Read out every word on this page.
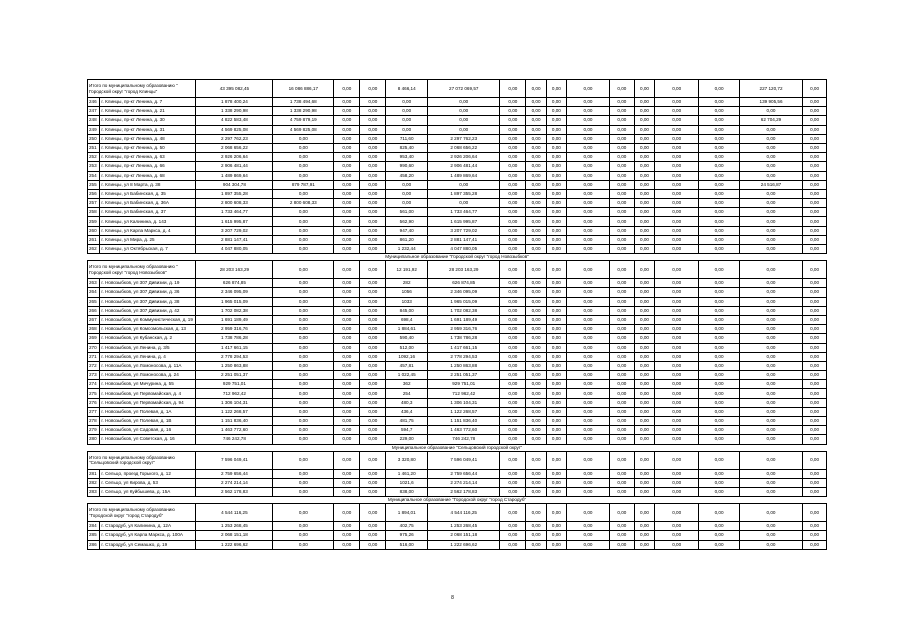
Итого по муниципальному образованию " Городской округ "город Клинцы"		43 395 082,45	16 086 886,17	0,00	0,00	8 466,14	27 072 069,57	0,00	0,00	0,00	0,00	0,00	0,00	0,00	0,00	227 120,72	0,00
246	г. Клинцы, пр-кт Ленина, д. 7	1 878 400,24	1 738 494,68	0,00	0,00	0,00	0,00	0,00	0,00	0,00	0,00	0,00	0,00	0,00	0,00	139 905,56	0,00
247	г. Клинцы, пр-кт Ленина, д. 21	1 338 290,98	1 338 290,98	0,00	0,00	0,00	0,00	0,00	0,00	0,00	0,00	0,00	0,00	0,00	0,00	0,00	0,00
248	г. Клинцы, пр-кт Ленина, д. 30	4 822 583,48	4 759 879,19	0,00	0,00	0,00	0,00	0,00	0,00	0,00	0,00	0,00	0,00	0,00	0,00	62 704,29	0,00
249	г. Клинцы, пр-кт Ленина, д. 31	4 569 825,08	4 569 825,08	0,00	0,00	0,00	0,00	0,00	0,00	0,00	0,00	0,00	0,00	0,00	0,00	0,00	0,00
250	г. Клинцы, пр-кт Ленина, д. 48	2 297 762,23	0,00	0,00	0,00	711,60	2 297 762,23	0,00	0,00	0,00	0,00	0,00	0,00	0,00	0,00	0,00	0,00
251	г. Клинцы, пр-кт Ленина, д. 50	2 068 656,22	0,00	0,00	0,00	825,40	2 068 656,22	0,00	0,00	0,00	0,00	0,00	0,00	0,00	0,00	0,00	0,00
252	г. Клинцы, пр-кт Ленина, д. 63	2 926 206,64	0,00	0,00	0,00	953,40	2 926 206,64	0,00	0,00	0,00	0,00	0,00	0,00	0,00	0,00	0,00	0,00
253	г. Клинцы, пр-кт Ленина, д. 66	2 906 481,44	0,00	0,00	0,00	990,60	2 906 481,44	0,00	0,00	0,00	0,00	0,00	0,00	0,00	0,00	0,00	0,00
254	г. Клинцы, пр-кт Ленина, д. 68	1 489 869,64	0,00	0,00	0,00	458,20	1 489 869,64	0,00	0,00	0,00	0,00	0,00	0,00	0,00	0,00	0,00	0,00
255	г. Клинцы, ул 8 Марта, д. 38	904 304,78	879 787,91	0,00	0,00	0,00	0,00	0,00	0,00	0,00	0,00	0,00	0,00	0,00	0,00	24 516,87	0,00
256	г. Клинцы, ул Бабинская, д. 35	1 897 355,28	0,00	0,00	0,00	0,00	1 897 355,28	0,00	0,00	0,00	0,00	0,00	0,00	0,00	0,00	0,00	0,00
257	г. Клинцы, ул Бабинская, д. 36А	2 800 608,33	2 800 608,33	0,00	0,00	0,00	0,00	0,00	0,00	0,00	0,00	0,00	0,00	0,00	0,00	0,00	0,00
258	г. Клинцы, ул Бабинская, д. 37	1 733 464,77	0,00	0,00	0,00	561,00	1 733 464,77	0,00	0,00	0,00	0,00	0,00	0,00	0,00	0,00	0,00	0,00
259	г. Клинцы, ул Калинина, д. 143	1 615 995,87	0,00	0,00	0,00	562,90	1 615 995,87	0,00	0,00	0,00	0,00	0,00	0,00	0,00	0,00	0,00	0,00
260	г. Клинцы, ул Карла Маркса, д. 4	3 207 729,02	0,00	0,00	0,00	947,40	3 207 729,02	0,00	0,00	0,00	0,00	0,00	0,00	0,00	0,00	0,00	0,00
261	г. Клинцы, ул Мира, д. 25	2 881 147,41	0,00	0,00	0,00	861,20	2 881 147,41	0,00	0,00	0,00	0,00	0,00	0,00	0,00	0,00	0,00	0,00
262	г. Клинцы, ул Октябрьская, д. 7	4 047 880,05	0,00	0,00	0,00	1 232,44	4 047 880,05	0,00	0,00	0,00	0,00	0,00	0,00	0,00	0,00	0,00	0,00
Муниципальное образование "Городской округ "город Новозыбков"																	
Итого по муниципальному образованию " Городской округ "город Новозыбков"		28 203 163,29	0,00	0,00	0,00	12 191,92	28 203 163,29	0,00	0,00	0,00	0,00	0,00	0,00	0,00	0,00	0,00	0,00
263	г. Новозыбков, ул 307 Дивизии, д. 19	626 874,85	0,00	0,00	0,00	282	626 874,85	0,00	0,00	0,00	0,00	0,00	0,00	0,00	0,00	0,00	0,00
264	г. Новозыбков, ул 307 Дивизии, д. 36	2 346 095,09	0,00	0,00	0,00	1056	2 346 095,09	0,00	0,00	0,00	0,00	0,00	0,00	0,00	0,00	0,00	0,00
265	г. Новозыбков, ул 307 Дивизии, д. 38	1 965 015,09	0,00	0,00	0,00	1033	1 965 015,09	0,00	0,00	0,00	0,00	0,00	0,00	0,00	0,00	0,00	0,00
266	г. Новозыбков, ул 307 Дивизии, д. 42	1 702 082,38	0,00	0,00	0,00	845,00	1 702 082,38	0,00	0,00	0,00	0,00	0,00	0,00	0,00	0,00	0,00	0,00
267	г. Новозыбков, ул Коммунистическая, д. 19	1 691 189,49	0,00	0,00	0,00	698,4	1 691 189,49	0,00	0,00	0,00	0,00	0,00	0,00	0,00	0,00	0,00	0,00
268	г. Новозыбков, ул Комсомольская, д. 13	2 959 316,76	0,00	0,00	0,00	1 884,61	2 959 316,76	0,00	0,00	0,00	0,00	0,00	0,00	0,00	0,00	0,00	0,00
269	г. Новозыбков, ул Кубанская, д. 2	1 738 786,28	0,00	0,00	0,00	590,40	1 738 786,28	0,00	0,00	0,00	0,00	0,00	0,00	0,00	0,00	0,00	0,00
270	г. Новозыбков, ул Ленина, д. 3/5	1 417 661,15	0,00	0,00	0,00	512,00	1 417 661,15	0,00	0,00	0,00	0,00	0,00	0,00	0,00	0,00	0,00	0,00
271	г. Новозыбков, ул Ленина, д. 4	2 778 294,53	0,00	0,00	0,00	1092,16	2 778 294,53	0,00	0,00	0,00	0,00	0,00	0,00	0,00	0,00	0,00	0,00
272	г. Новозыбков, ул Ломоносова, д. 11А	1 250 863,88	0,00	0,00	0,00	457,81	1 250 863,88	0,00	0,00	0,00	0,00	0,00	0,00	0,00	0,00	0,00	0,00
273	г. Новозыбков, ул Ломоносова, д. 24	2 251 051,37	0,00	0,00	0,00	1 022,45	2 251 051,37	0,00	0,00	0,00	0,00	0,00	0,00	0,00	0,00	0,00	0,00
274	г. Новозыбков, ул Мичурина, д. 55	929 751,01	0,00	0,00	0,00	362	929 751,01	0,00	0,00	0,00	0,00	0,00	0,00	0,00	0,00	0,00	0,00
275	г. Новозыбков, ул Первомайская, д. 4	712 962,42	0,00	0,00	0,00	254	712 962,42	0,00	0,00	0,00	0,00	0,00	0,00	0,00	0,00	0,00	0,00
276	г. Новозыбков, ул Первомайская, д. 94	1 306 104,31	0,00	0,00	0,00	480,3	1 306 104,31	0,00	0,00	0,00	0,00	0,00	0,00	0,00	0,00	0,00	0,00
277	г. Новозыбков, ул Полевая, д. 1А	1 122 268,57	0,00	0,00	0,00	436,4	1 122 268,57	0,00	0,00	0,00	0,00	0,00	0,00	0,00	0,00	0,00	0,00
278	г. Новозыбков, ул Полевая, д. 1В	1 151 836,40	0,00	0,00	0,00	481,75	1 151 836,40	0,00	0,00	0,00	0,00	0,00	0,00	0,00	0,00	0,00	0,00
279	г. Новозыбков, ул Садовая, д. 16	1 463 772,60	0,00	0,00	0,00	594,7	1 463 772,60	0,00	0,00	0,00	0,00	0,00	0,00	0,00	0,00	0,00	0,00
280	г. Новозыбков, ул Советская, д. 16	746 242,78	0,00	0,00	0,00	229,00	746 242,78	0,00	0,00	0,00	0,00	0,00	0,00	0,00	0,00	0,00	0,00
Муниципальное образование "Сельцовский городской округ"																	
Итого по муниципальному образованию "Сельцовский городской округ"		7 596 049,41	0,00	0,00	0,00	3 320,80	7 596 049,41	0,00	0,00	0,00	0,00	0,00	0,00	0,00	0,00	0,00	0,00
281	г. Сельцо, проезд Горького, д. 12	2 759 656,44	0,00	0,00	0,00	1 461,20	2 759 656,44	0,00	0,00	0,00	0,00	0,00	0,00	0,00	0,00	0,00	0,00
282	г. Сельцо, ул Кирова, д. 53	2 274 214,14	0,00	0,00	0,00	1021,6	2 274 214,14	0,00	0,00	0,00	0,00	0,00	0,00	0,00	0,00	0,00	0,00
283	г. Сельцо, ул Куйбышева, д. 15А	2 562 178,83	0,00	0,00	0,00	838,00	2 562 178,83	0,00	0,00	0,00	0,00	0,00	0,00	0,00	0,00	0,00	0,00
Муниципальное образование "Городской округ "город Стародуб"																	
Итого по муниципальному образованию "Городской округ "город Стародуб"		4 544 116,25	0,00	0,00	0,00	1 894,01	4 544 116,25	0,00	0,00	0,00	0,00	0,00	0,00	0,00	0,00	0,00	0,00
284	г. Стародуб, ул Калинина, д. 12А	1 253 268,45	0,00	0,00	0,00	402,75	1 253 268,45	0,00	0,00	0,00	0,00	0,00	0,00	0,00	0,00	0,00	0,00
285	г. Стародуб, ул Карла Маркса, д. 100А	2 068 151,18	0,00	0,00	0,00	975,26	2 068 151,18	0,00	0,00	0,00	0,00	0,00	0,00	0,00	0,00	0,00	0,00
286	г. Стародуб, ул Семашко, д. 19	1 222 696,62	0,00	0,00	0,00	516,00	1 222 696,62	0,00	0,00	0,00	0,00	0,00	0,00	0,00	0,00	0,00	0,00
8
